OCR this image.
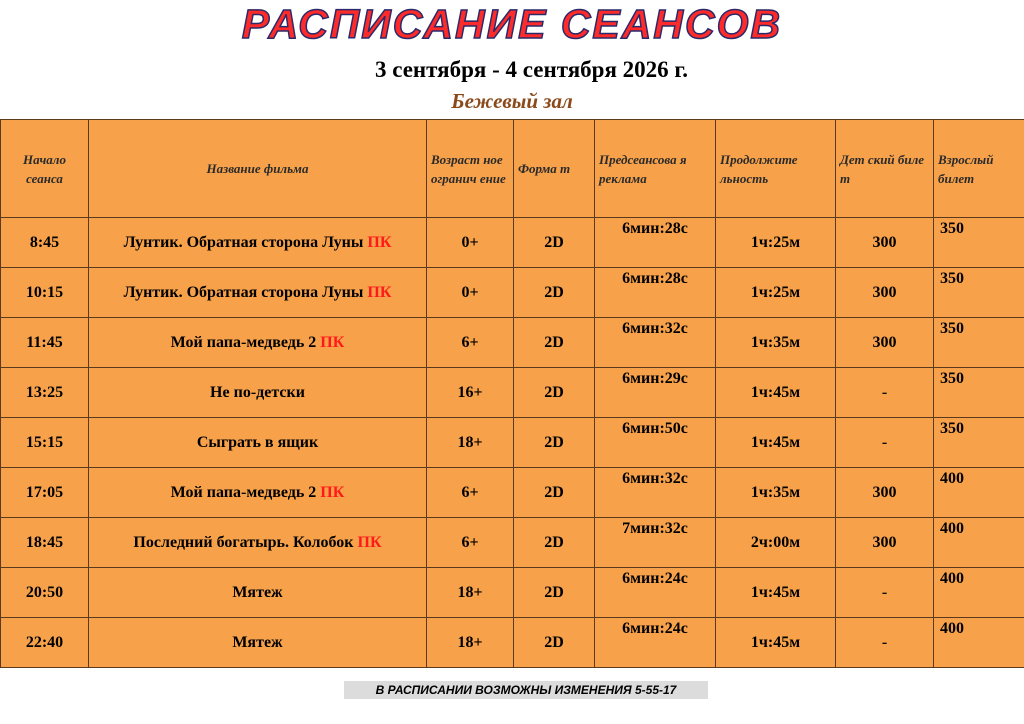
РАСПИСАНИЕ СЕАНСОВ
3 сентября - 4 сентября 2026 г.
Бежевый зал
Начало сеанса	Название фильма	Возраст ное огранич ение	Форма т	Предсеансова я реклама	Продолжите льность	Дет ский биле т	Взрослый билет
8:45	Лунтик. Обратная сторона Луны ПК	0+	2D	6мин:28с	1ч:25м	300	350
10:15	Лунтик. Обратная сторона Луны ПК	0+	2D	6мин:28с	1ч:25м	300	350
11:45	Мой папа-медведь 2 ПК	6+	2D	6мин:32с	1ч:35м	300	350
13:25	Не по-детски	16+	2D	6мин:29с	1ч:45м	-	350
15:15	Сыграть в ящик	18+	2D	6мин:50с	1ч:45м	-	350
17:05	Мой папа-медведь 2 ПК	6+	2D	6мин:32с	1ч:35м	300	400
18:45	Последний богатырь. Колобок ПК	6+	2D	7мин:32с	2ч:00м	300	400
20:50	Мятеж	18+	2D	6мин:24с	1ч:45м	-	400
22:40	Мятеж	18+	2D	6мин:24с	1ч:45м	-	400
В РАСПИСАНИИ ВОЗМОЖНЫ ИЗМЕНЕНИЯ 5-55-17
